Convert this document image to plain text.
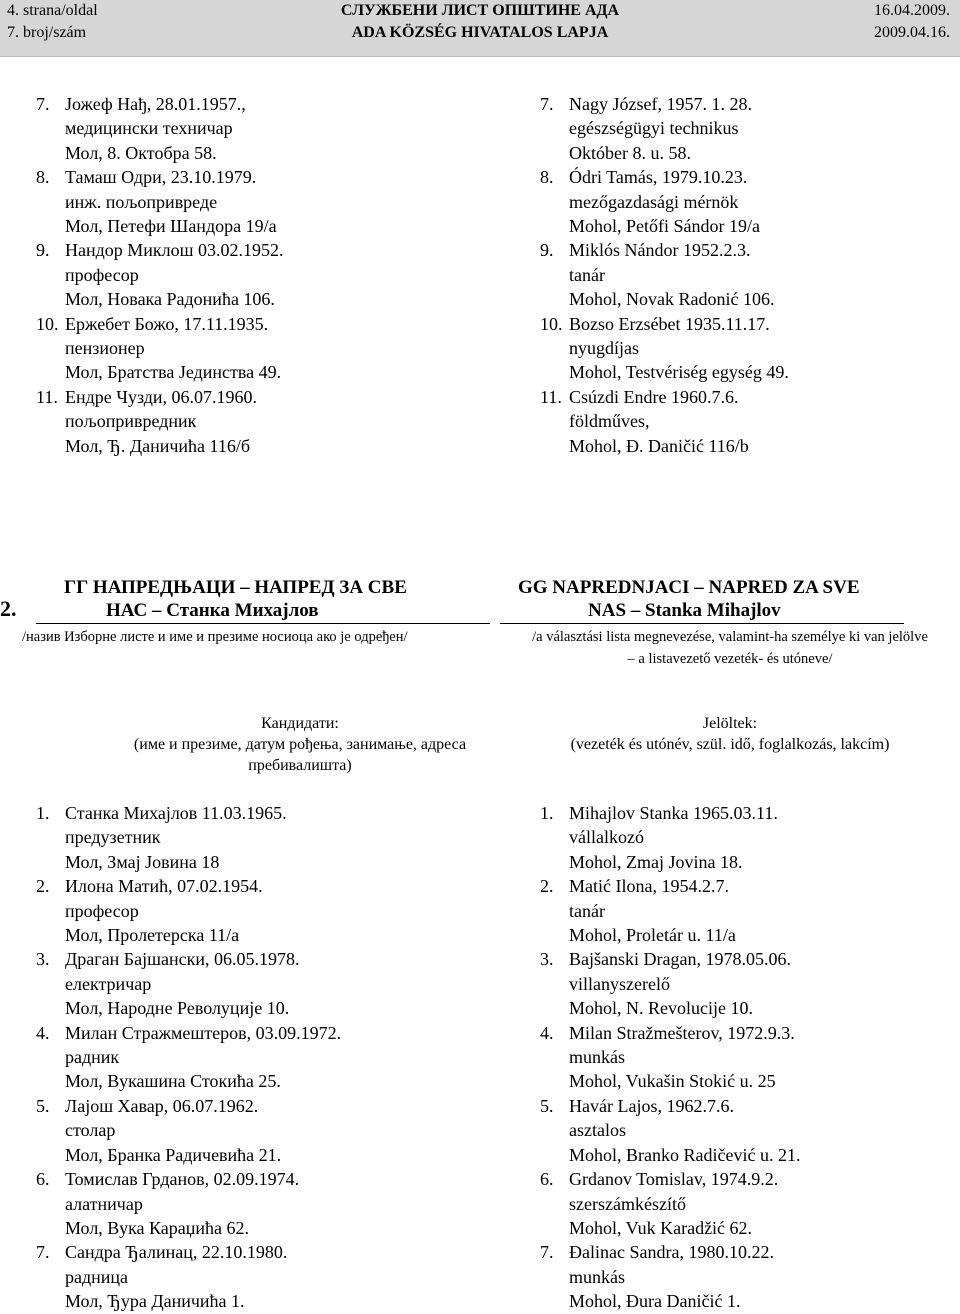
4. strana/oldal
7. broj/szám
СЛУЖБЕНИ ЛИСТ ОПШТИНЕ АДА
ADA KÖZSÉG HIVATALOS LAPJA
16.04.2009.
2009.04.16.
7. Јожеф Нађ, 28.01.1957.,
медицински техничар
Мол, 8. Октобра 58.
8. Тамаш Одри, 23.10.1979.
инж. пољопривреде
Мол, Петефи Шандора 19/а
9. Нандор Миклош 03.02.1952.
професор
Мол, Новака Радонића 106.
10. Ержебет Божо, 17.11.1935.
пензионер
Мол, Братства Јединства 49.
11. Ендре Чузди, 06.07.1960.
пољопривредник
Мол, Ђ. Даничића 116/б
7. Nagy József, 1957. 1. 28.
egészségügyi technikus
Október 8. u. 58.
8. Ódri Tamás, 1979.10.23.
mezőgazdasági mérnök
Mohol, Petőfi Sándor 19/a
9. Miklós Nándor 1952.2.3.
tanár
Mohol, Novak Radonić 106.
10. Bozso Erzsébet 1935.11.17.
nyugdíjas
Mohol, Testvériség egység 49.
11. Csúzdi Endre 1960.7.6.
földműves,
Mohol, Đ. Daničić 116/b
ГГ НАПРЕДЊАЦИ – НАПРЕД ЗА СВЕ	GG NAPREDNJACI – NAPRED ZA SVE
2.	НАС – Станка Михајлов	NAS – Stanka Mihajlov
/назив Изборне листе и име и презиме носиоца ако је одређен/	/a választási lista megnevezése, valamint-ha személye ki van jelölve
– a listavezető vezeték- és utóneve/
Кандидати:
(име и презиме, датум рођења, занимање, адреса
пребивалишта)
Jelöltek:
(vezeték és utónév, szül. idő, foglalkozás, lakcím)
1. Станка Михајлов 11.03.1965.
предузетник
Мол, Змај Јовина 18
2. Илона Матић, 07.02.1954.
професор
Мол, Пролетерска 11/а
3. Драган Бајшански, 06.05.1978.
електричар
Мол, Народне Револуције 10.
4. Милан Стражмештеров, 03.09.1972.
радник
Мол, Вукашина Стокића 25.
5. Лајош Хавар, 06.07.1962.
столар
Мол, Бранка Радичевића 21.
6. Томислав Грданов, 02.09.1974.
алатничар
Мол, Вука Караџића 62.
7. Сандра Ђалинац, 22.10.1980.
радница
Мол, Ђура Даничића 1.
1. Mihajlov Stanka 1965.03.11.
vállalkozó
Mohol, Zmaj Jovina 18.
2. Matić Ilona, 1954.2.7.
tanár
Mohol, Proletár u. 11/a
3. Bajšanski Dragan, 1978.05.06.
villanyszerelő
Mohol, N. Revolucije 10.
4. Milan Stražmešterov, 1972.9.3.
munkás
Mohol, Vukašin Stokić u. 25
5. Havár Lajos, 1962.7.6.
asztalos
Mohol, Branko Radičević u. 21.
6. Grdanov Tomislav, 1974.9.2.
szerszámkészítő
Mohol, Vuk Karadžić 62.
7. Đalinac Sandra, 1980.10.22.
munkás
Mohol, Đura Daničić 1.
